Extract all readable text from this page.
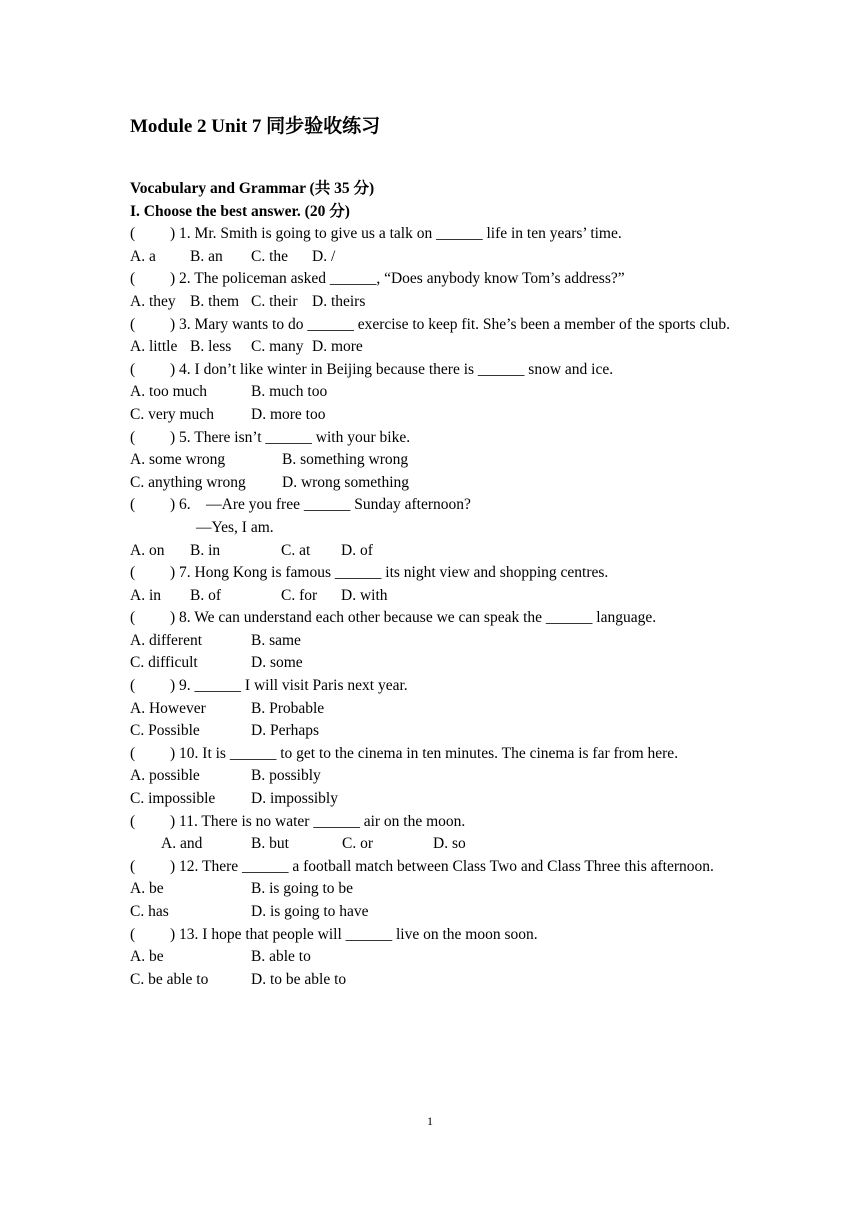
Module 2 Unit 7 同步验收练习
Vocabulary and Grammar (共 35 分)
I. Choose the best answer. (20 分)
( ) 1. Mr. Smith is going to give us a talk on ______ life in ten years’ time.
A. a B. an C. the D. /
( ) 2. The policeman asked ______, “Does anybody know Tom’s address?”
A. they B. them C. their D. theirs
( ) 3. Mary wants to do ______ exercise to keep fit. She’s been a member of the sports club.
A. little B. less C. many D. more
( ) 4. I don’t like winter in Beijing because there is ______ snow and ice.
A. too much	B. much too
C. very much D. more too
( ) 5. There isn’t ______ with your bike.
A. some wrong	B. something wrong
C. anything wrong D. wrong something
( ) 6.　—Are you free ______ Sunday afternoon?
—Yes, I am.
A. on B. in	C. at D. of
( ) 7. Hong Kong is famous ______ its night view and shopping centres.
A. in B. of	C. for D. with
( ) 8. We can understand each other because we can speak the ______ language.
A. different	B. same
C. difficult	D. some
( ) 9. ______ I will visit Paris next year.
A. However	B. Probable
C. Possible	D. Perhaps
( ) 10. It is ______ to get to the cinema in ten minutes. The cinema is far from here.
A. possible	B. possibly
C. impossible D. impossibly
( ) 11. There is no water ______ air on the moon.
A. and	B. but	C. or	D. so
( ) 12. There ______ a football match between Class Two and Class Three this afternoon.
A. be	B. is going to be
C. has	D. is going to have
( ) 13. I hope that people will ______ live on the moon soon.
A. be	B. able to
C. be able to	D. to be able to
1
